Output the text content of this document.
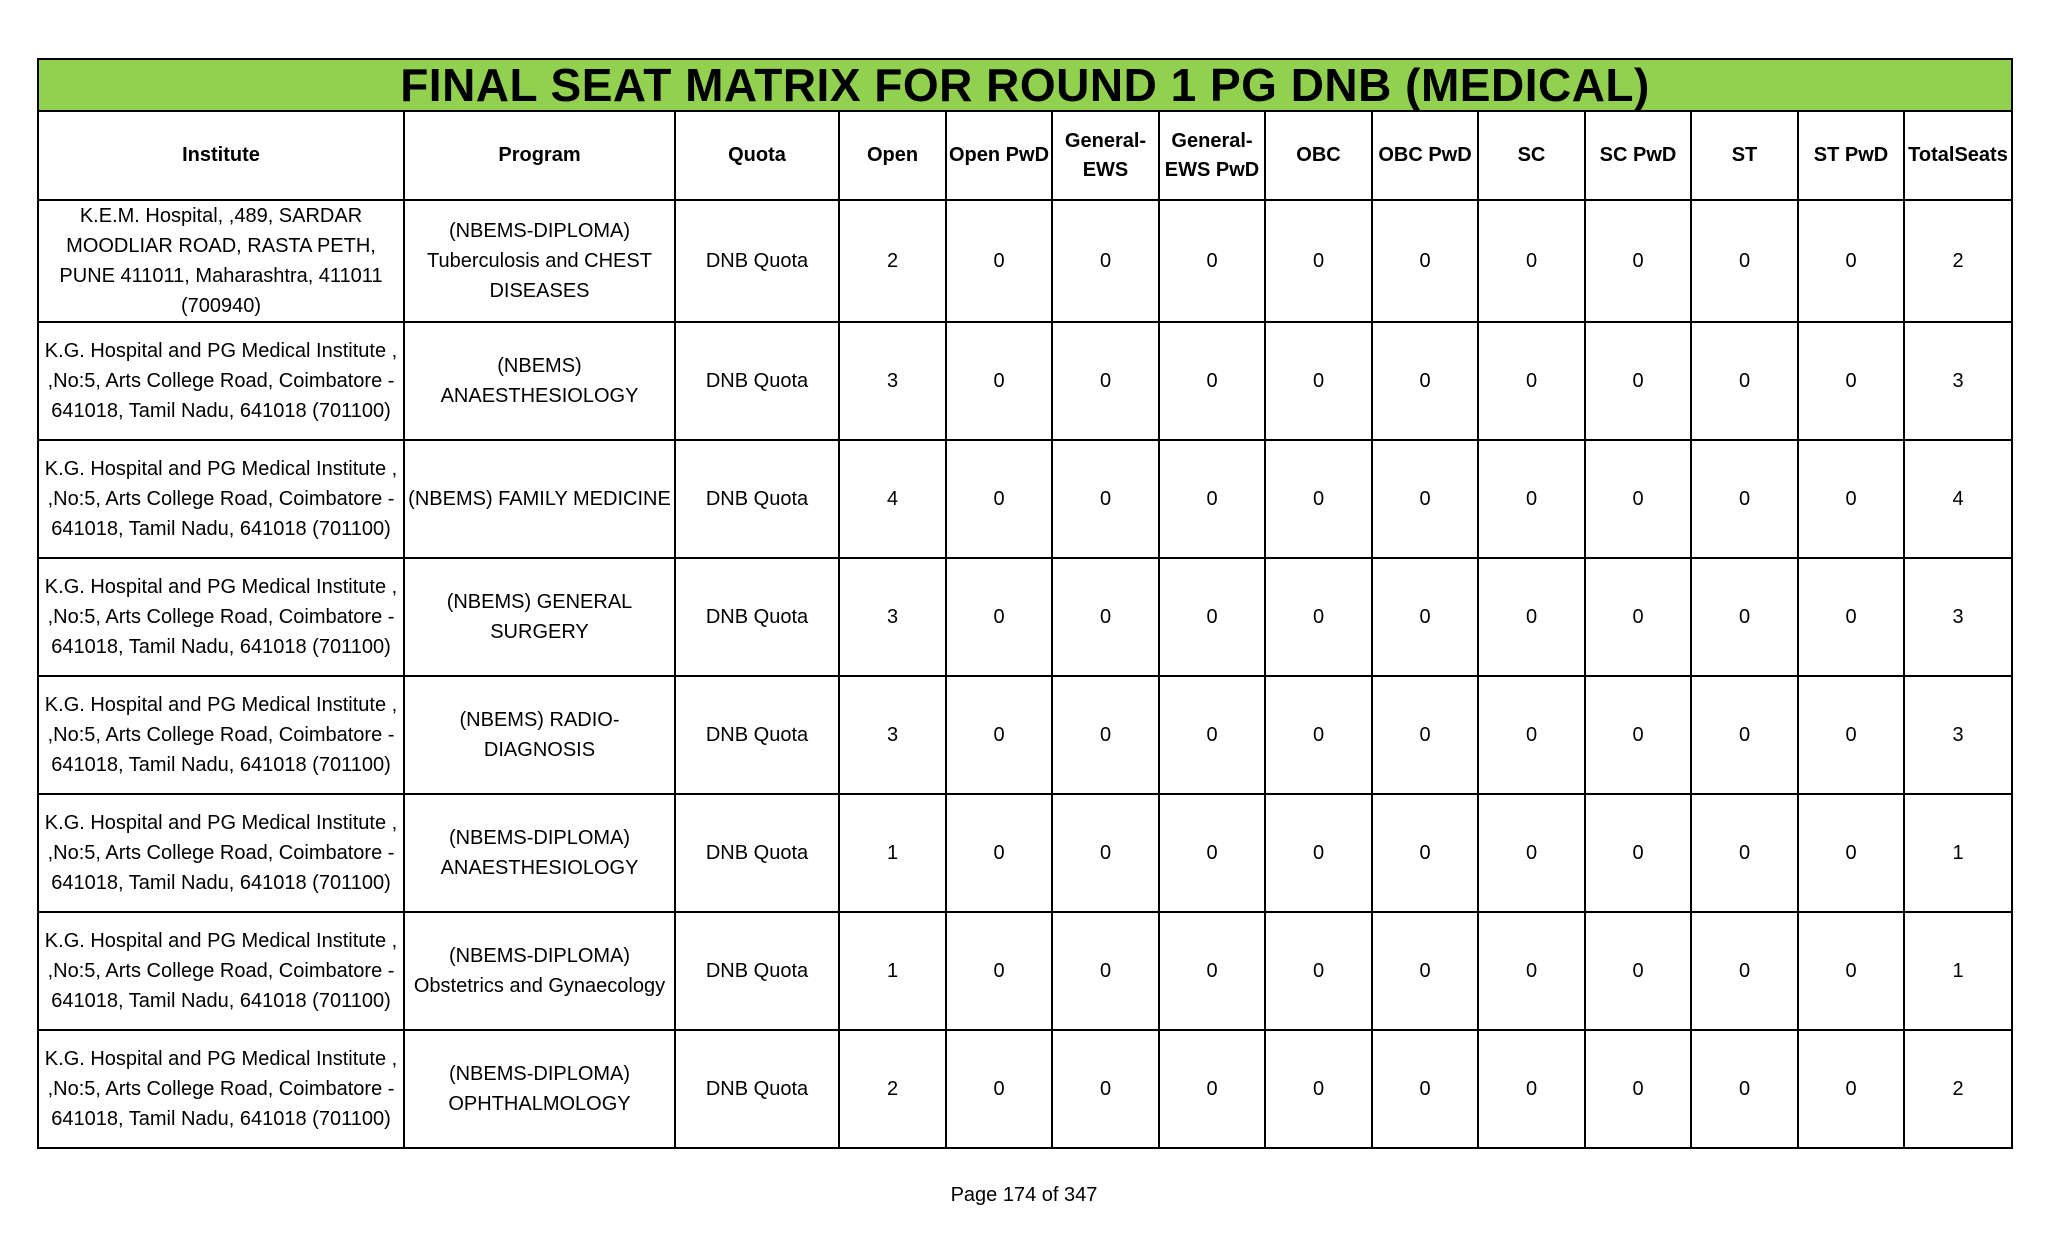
FINAL SEAT MATRIX FOR ROUND 1 PG DNB (MEDICAL)													
Institute	Program	Quota	Open	Open PwD	General-EWS	General-EWS PwD	OBC	OBC PwD	SC	SC PwD	ST	ST PwD	TotalSeats
K.E.M. Hospital, ,489, SARDAR MOODLIAR ROAD, RASTA PETH, PUNE 411011, Maharashtra, 411011 (700940)	(NBEMS-DIPLOMA) Tuberculosis and CHEST DISEASES	DNB Quota	2	0	0	0	0	0	0	0	0	0	2
K.G. Hospital and PG Medical Institute , ,No:5, Arts College Road, Coimbatore - 641018, Tamil Nadu, 641018 (701100)	(NBEMS) ANAESTHESIOLOGY	DNB Quota	3	0	0	0	0	0	0	0	0	0	3
K.G. Hospital and PG Medical Institute , ,No:5, Arts College Road, Coimbatore - 641018, Tamil Nadu, 641018 (701100)	(NBEMS) FAMILY MEDICINE	DNB Quota	4	0	0	0	0	0	0	0	0	0	4
K.G. Hospital and PG Medical Institute , ,No:5, Arts College Road, Coimbatore - 641018, Tamil Nadu, 641018 (701100)	(NBEMS) GENERAL SURGERY	DNB Quota	3	0	0	0	0	0	0	0	0	0	3
K.G. Hospital and PG Medical Institute , ,No:5, Arts College Road, Coimbatore - 641018, Tamil Nadu, 641018 (701100)	(NBEMS) RADIO-DIAGNOSIS	DNB Quota	3	0	0	0	0	0	0	0	0	0	3
K.G. Hospital and PG Medical Institute , ,No:5, Arts College Road, Coimbatore - 641018, Tamil Nadu, 641018 (701100)	(NBEMS-DIPLOMA) ANAESTHESIOLOGY	DNB Quota	1	0	0	0	0	0	0	0	0	0	1
K.G. Hospital and PG Medical Institute , ,No:5, Arts College Road, Coimbatore - 641018, Tamil Nadu, 641018 (701100)	(NBEMS-DIPLOMA) Obstetrics and Gynaecology	DNB Quota	1	0	0	0	0	0	0	0	0	0	1
K.G. Hospital and PG Medical Institute , ,No:5, Arts College Road, Coimbatore - 641018, Tamil Nadu, 641018 (701100)	(NBEMS-DIPLOMA) OPHTHALMOLOGY	DNB Quota	2	0	0	0	0	0	0	0	0	0	2
Page 174 of 347
